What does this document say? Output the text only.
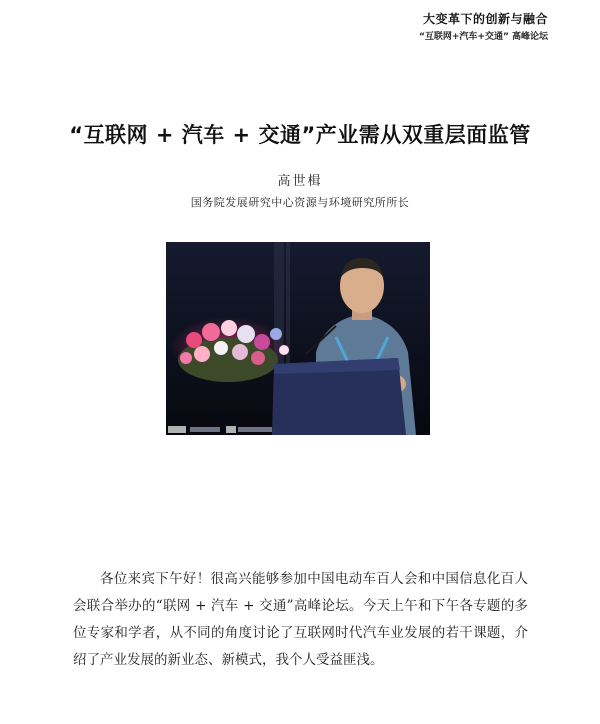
大变革下的创新与融合
“互联网+汽车+交通” 高峰论坛
“互联网 + 汽车 + 交通”产业需从双重层面监管
高世楫
国务院发展研究中心资源与环境研究所所长

各位来宾下午好！很高兴能够参加中国电动车百人会和中国信息化百人会联合举办的“联网 + 汽车 + 交通”高峰论坛。今天上午和下午各专题的多位专家和学者，从不同的角度讨论了互联网时代汽车业发展的若干课题，介绍了产业发展的新业态、新模式，我个人受益匪浅。
